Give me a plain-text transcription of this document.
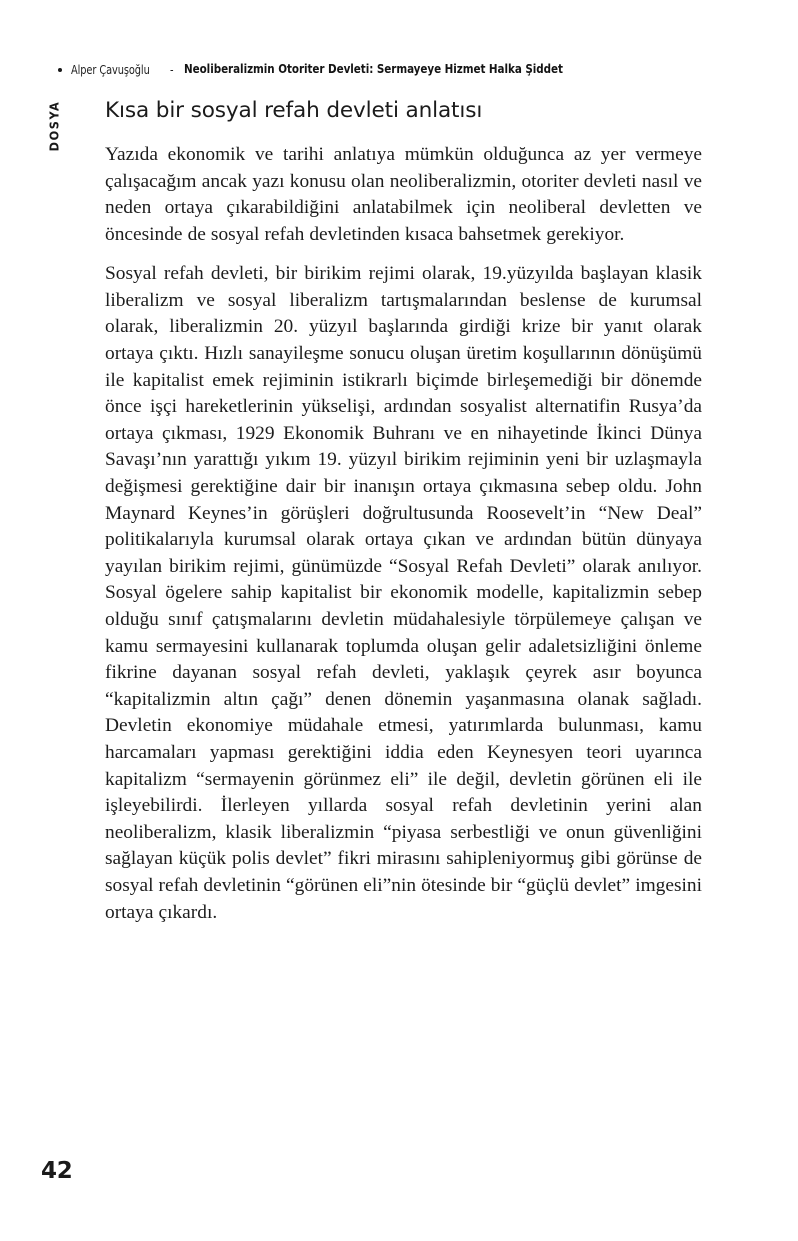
Alper Çavuşoğlu - Neoliberalizmin Otoriter Devleti: Sermayeye Hizmet Halka Şiddet
DOSYA Kısa bir sosyal refah devleti anlatısı

Yazıda ekonomik ve tarihi anlatıya mümkün olduğunca az yer vermeye çalışacağım ancak yazı konusu olan neoliberalizmin, otoriter devleti nasıl ve neden ortaya çıkarabildiğini anlatabilmek için neoliberal devletten ve öncesinde de sosyal refah devletinden kısaca bahsetmek gerekiyor.

Sosyal refah devleti, bir birikim rejimi olarak, 19.yüzyılda başlayan klasik liberalizm ve sosyal liberalizm tartışmalarından beslense de kurumsal olarak, liberalizmin 20. yüzyıl başlarında girdiği krize bir yanıt olarak ortaya çıktı. Hızlı sanayileşme sonucu oluşan üretim koşullarının dönüşümü ile kapitalist emek rejiminin istikrarlı biçimde birleşemediği bir dönemde önce işçi hareketlerinin yükselişi, ardından sosyalist alternatifin Rusya’da ortaya çıkması, 1929 Ekonomik Buhranı ve en nihayetinde İkinci Dünya Savaşı’nın yarattığı yıkım 19. yüzyıl birikim rejiminin yeni bir uzlaşmayla değişmesi gerektiğine dair bir inanışın ortaya çıkmasına sebep oldu. John Maynard Keynes’in görüşleri doğrultusunda Roosevelt’in “New Deal” politikalarıyla kurumsal olarak ortaya çıkan ve ardından bütün dünyaya yayılan birikim rejimi, günümüzde “Sosyal Refah Devleti” olarak anılıyor. Sosyal ögelere sahip kapitalist bir ekonomik modelle, kapitalizmin sebep olduğu sınıf çatışmalarını devletin müdahalesiyle törpülemeye çalışan ve kamu sermayesini kullanarak toplumda oluşan gelir adaletsizliğini önleme fikrine dayanan sosyal refah devleti, yaklaşık çeyrek asır boyunca “kapitalizmin altın çağı” denen dönemin yaşanmasına olanak sağladı. Devletin ekonomiye müdahale etmesi, yatırımlarda bulunması, kamu harcamaları yapması gerektiğini iddia eden Keynesyen teori uyarınca kapitalizm “sermayenin görünmez eli” ile değil, devletin görünen eli ile işleyebilirdi. İlerleyen yıllarda sosyal refah devletinin yerini alan neoliberalizm, klasik liberalizmin “piyasa serbestliği ve onun güvenliğini sağlayan küçük polis devlet” fikri mirasını sahipleniyormuş gibi görünse de sosyal refah devletinin “görünen eli”nin ötesinde bir “güçlü devlet” imgesini ortaya çıkardı.

42
